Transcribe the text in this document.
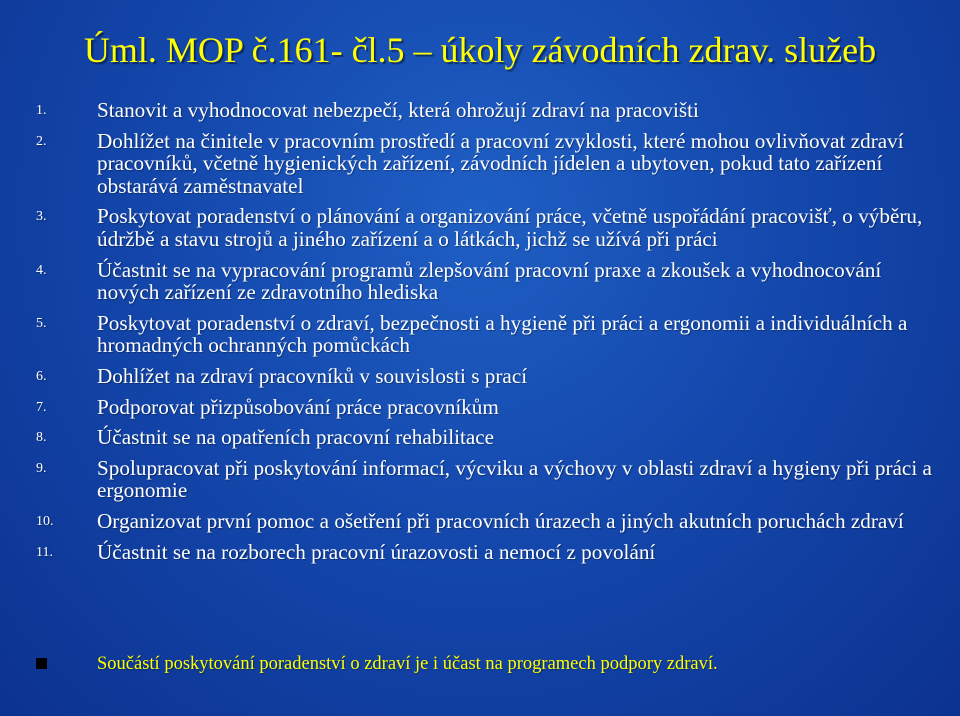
Úml. MOP č.161- čl.5 – úkoly závodních zdrav. služeb
1. Stanovit a vyhodnocovat nebezpečí, která ohrožují zdraví na pracovišti
2. Dohlížet na činitele v pracovním prostředí a pracovní zvyklosti, které mohou ovlivňovat zdraví pracovníků, včetně hygienických zařízení, závodních jídelen a ubytoven, pokud tato zařízení obstarává zaměstnavatel
3. Poskytovat poradenství o plánování a organizování práce, včetně uspořádání pracovišť, o výběru, údržbě a stavu strojů a jiného zařízení a o látkách, jichž se užívá při práci
4. Účastnit se na vypracování programů zlepšování pracovní praxe a zkoušek a vyhodnocování nových zařízení ze zdravotního hlediska
5. Poskytovat poradenství o zdraví, bezpečnosti a hygieně při práci a ergonomii a individuálních a hromadných ochranných pomůckách
6. Dohlížet na zdraví pracovníků v souvislosti s prací
7. Podporovat přizpůsobování práce pracovníkům
8. Účastnit se na opatřeních pracovní rehabilitace
9. Spolupracovat při poskytování informací, výcviku a výchovy v oblasti zdraví a hygieny při práci a ergonomie
10. Organizovat první pomoc a ošetření při pracovních úrazech a jiných akutních poruchách zdraví
11. Účastnit se na rozborech pracovní úrazovosti a nemocí z povolání
Součástí poskytování poradenství o zdraví je i účast na programech podpory zdraví.
